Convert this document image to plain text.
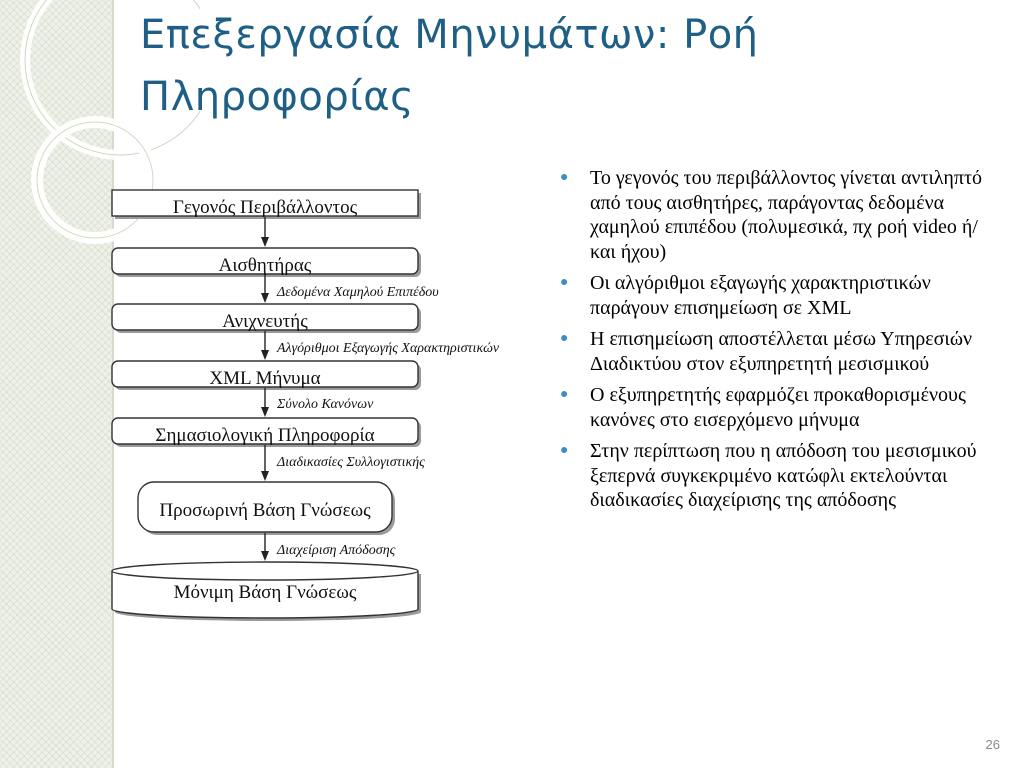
Επεξεργασία Μηνυμάτων: Ροή Πληροφορίας
Γεγονός Περιβάλλοντος
Αισθητήρας
Ανιχνευτής
XML Μήνυμα
Σημασιολογική Πληροφορία
Προσωρινή Βάση Γνώσεως
Μόνιμη Βάση Γνώσεως
Δεδομένα Χαμηλού Επιπέδου
Αλγόριθμοι Εξαγωγής Χαρακτηριστικών
Σύνολο Κανόνων
Διαδικασίες Συλλογιστικής
Διαχείριση Απόδοσης
● Το γεγονός του περιβάλλοντος γίνεται αντιληπτό από τους αισθητήρες, παράγοντας δεδομένα χαμηλού επιπέδου (πολυμεσικά, πχ ροή video ή/και ήχου)
● Οι αλγόριθμοι εξαγωγής χαρακτηριστικών παράγουν επισημείωση σε XML
● Η επισημείωση αποστέλλεται μέσω Υπηρεσιών Διαδικτύου στον εξυπηρετητή μεσισμικού
● Ο εξυπηρετητής εφαρμόζει προκαθορισμένους κανόνες στο εισερχόμενο μήνυμα
● Στην περίπτωση που η απόδοση του μεσισμικού ξεπερνά συγκεκριμένο κατώφλι εκτελούνται διαδικασίες διαχείρισης της απόδοσης
26
